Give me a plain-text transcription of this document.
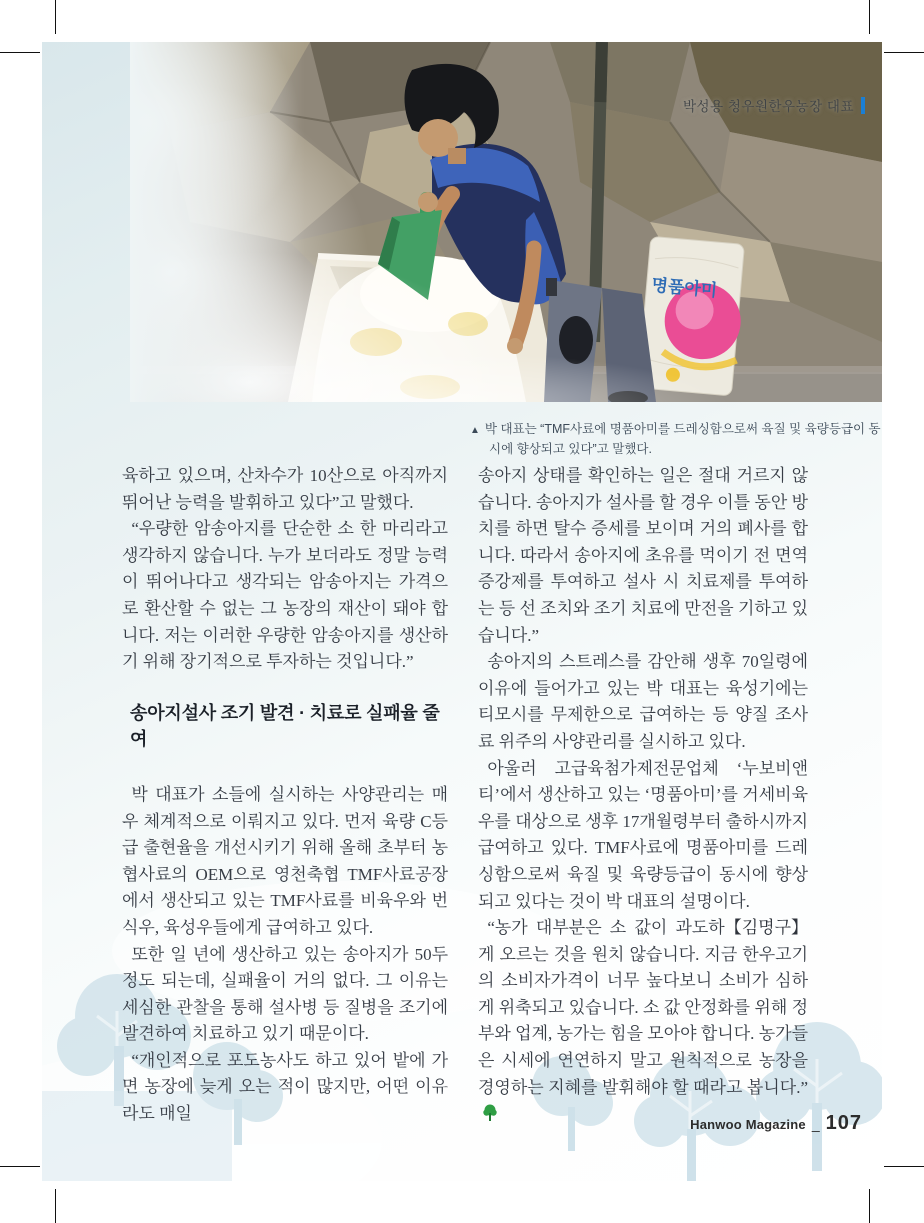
명품아미
박성용 청우원한우농장 대표

▲ 박 대표는 “TMF사료에 명품아미를 드레싱함으로써 육질 및 육량등급이 동시에 향상되고 있다”고 말했다.

육하고 있으며, 산차수가 10산으로 아직까지 뛰어난 능력을 발휘하고 있다”고 말했다.

“우량한 암송아지를 단순한 소 한 마리라고 생각하지 않습니다. 누가 보더라도 정말 능력이 뛰어나다고 생각되는 암송아지는 가격으로 환산할 수 없는 그 농장의 재산이 돼야 합니다. 저는 이러한 우량한 암송아지를 생산하기 위해 장기적으로 투자하는 것입니다.”

송아지설사 조기 발견 · 치료로 실패율 줄여

박 대표가 소들에 실시하는 사양관리는 매우 체계적으로 이뤄지고 있다. 먼저 육량 C등급 출현율을 개선시키기 위해 올해 초부터 농협사료의 OEM으로 영천축협 TMF사료공장에서 생산되고 있는 TMF사료를 비육우와 번식우, 육성우들에게 급여하고 있다.

또한 일 년에 생산하고 있는 송아지가 50두정도 되는데, 실패율이 거의 없다. 그 이유는 세심한 관찰을 통해 설사병 등 질병을 조기에 발견하여 치료하고 있기 때문이다.

“개인적으로 포도농사도 하고 있어 밭에 가면 농장에 늦게 오는 적이 많지만, 어떤 이유라도 매일

송아지 상태를 확인하는 일은 절대 거르지 않습니다. 송아지가 설사를 할 경우 이틀 동안 방치를 하면 탈수 증세를 보이며 거의 폐사를 합니다. 따라서 송아지에 초유를 먹이기 전 면역증강제를 투여하고 설사 시 치료제를 투여하는 등 선 조치와 조기 치료에 만전을 기하고 있습니다.”

송아지의 스트레스를 감안해 생후 70일령에 이유에 들어가고 있는 박 대표는 육성기에는 티모시를 무제한으로 급여하는 등 양질 조사료 위주의 사양관리를 실시하고 있다.

아울러 고급육첨가제전문업체 ‘누보비앤티’에서 생산하고 있는 ‘명품아미’를 거세비육우를 대상으로 생후 17개월령부터 출하시까지 급여하고 있다. TMF사료에 명품아미를 드레싱함으로써 육질 및 육량등급이 동시에 향상되고 있다는 것이 박 대표의 설명이다.

【김명구】
“농가 대부분은 소 값이 과도하게 오르는 것을 원치 않습니다. 지금 한우고기의 소비자가격이 너무 높다보니 소비가 심하게 위축되고 있습니다. 소 값 안정화를 위해 정부와 업계, 농가는 힘을 모아야 합니다. 농가들은 시세에 연연하지 말고 원칙적으로 농장을 경영하는 지혜를 발휘해야 할 때라고 봅니다.”

Hanwoo Magazine _ 107
